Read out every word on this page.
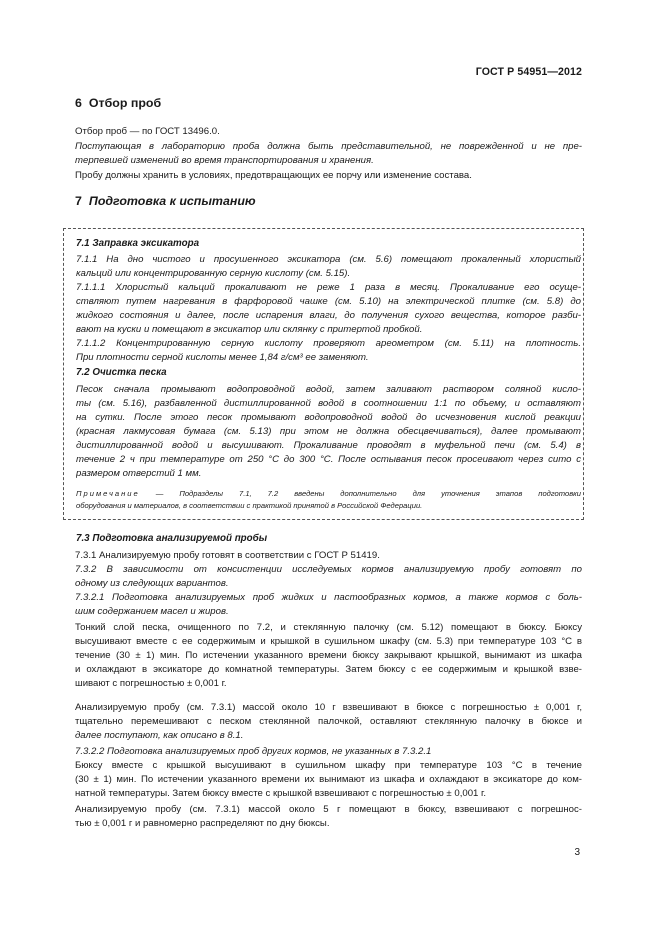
ГОСТ Р 54951—2012
6 Отбор проб
Отбор проб — по ГОСТ 13496.0.
Поступающая в лабораторию проба должна быть представительной, не поврежденной и не пре-
терпевшей изменений во время транспортирования и хранения.
Пробу должны хранить в условиях, предотвращающих ее порчу или изменение состава.
7 Подготовка к испытанию
7.1 Заправка эксикатора
7.1.1 На дно чистого и просушенного эксикатора (см. 5.6) помещают прокаленный хлористый
кальций или концентрированную серную кислоту (см. 5.15).
7.1.1.1 Хлористый кальций прокаливают не реже 1 раза в месяц. Прокаливание его осуще-
ствляют путем нагревания в фарфоровой чашке (см. 5.10) на электрической плитке (см. 5.8) до
жидкого состояния и далее, после испарения влаги, до получения сухого вещества, которое разби-
вают на куски и помещают в эксикатор или склянку с притертой пробкой.
7.1.1.2 Концентрированную серную кислоту проверяют ареометром (см. 5.11) на плотность.
При плотности серной кислоты менее 1,84 г/см³ ее заменяют.
7.2 Очистка песка
Песок сначала промывают водопроводной водой, затем заливают раствором соляной кисло-
ты (см. 5.16), разбавленной дистиллированной водой в соотношении 1:1 по объему, и оставляют
на сутки. После этого песок промывают водопроводной водой до исчезновения кислой реакции
(красная лакмусовая бумага (см. 5.13) при этом не должна обесцвечиваться), далее промывают
дистиллированной водой и высушивают. Прокаливание проводят в муфельной печи (см. 5.4) в
течение 2 ч при температуре от 250 °С до 300 °С. После остывания песок просеивают через сито с
размером отверстий 1 мм.
Примечание — Подразделы 7.1, 7.2 введены дополнительно для уточнения этапов подготовки
оборудования и материалов, в соответствии с практикой принятой в Российской Федерации.
7.3 Подготовка анализируемой пробы
7.3.1 Анализируемую пробу готовят в соответствии с ГОСТ Р 51419.
7.3.2 В зависимости от консистенции исследуемых кормов анализируемую пробу готовят по
одному из следующих вариантов.
7.3.2.1 Подготовка анализируемых проб жидких и пастообразных кормов, а также кормов с боль-
шим содержанием масел и жиров.
Тонкий слой песка, очищенного по 7.2, и стеклянную палочку (см. 5.12) помещают в бюксу. Бюксу
высушивают вместе с ее содержимым и крышкой в сушильном шкафу (см. 5.3) при температуре 103 °С в
течение (30 ± 1) мин. По истечении указанного времени бюксу закрывают крышкой, вынимают из шкафа
и охлаждают в эксикаторе до комнатной температуры. Затем бюксу с ее содержимым и крышкой взве-
шивают с погрешностью ± 0,001 г.
Анализируемую пробу (см. 7.3.1) массой около 10 г взвешивают в бюксе с погрешностью ± 0,001 г,
тщательно перемешивают с песком стеклянной палочкой, оставляют стеклянную палочку в бюксе и
далее поступают, как описано в 8.1.
7.3.2.2 Подготовка анализируемых проб других кормов, не указанных в 7.3.2.1
Бюксу вместе с крышкой высушивают в сушильном шкафу при температуре 103 °С в течение
(30 ± 1) мин. По истечении указанного времени их вынимают из шкафа и охлаждают в эксикаторе до ком-
натной температуры. Затем бюксу вместе с крышкой взвешивают с погрешностью ± 0,001 г.
Анализируемую пробу (см. 7.3.1) массой около 5 г помещают в бюксу, взвешивают с погрешнос-
тью ± 0,001 г и равномерно распределяют по дну бюксы.
3
